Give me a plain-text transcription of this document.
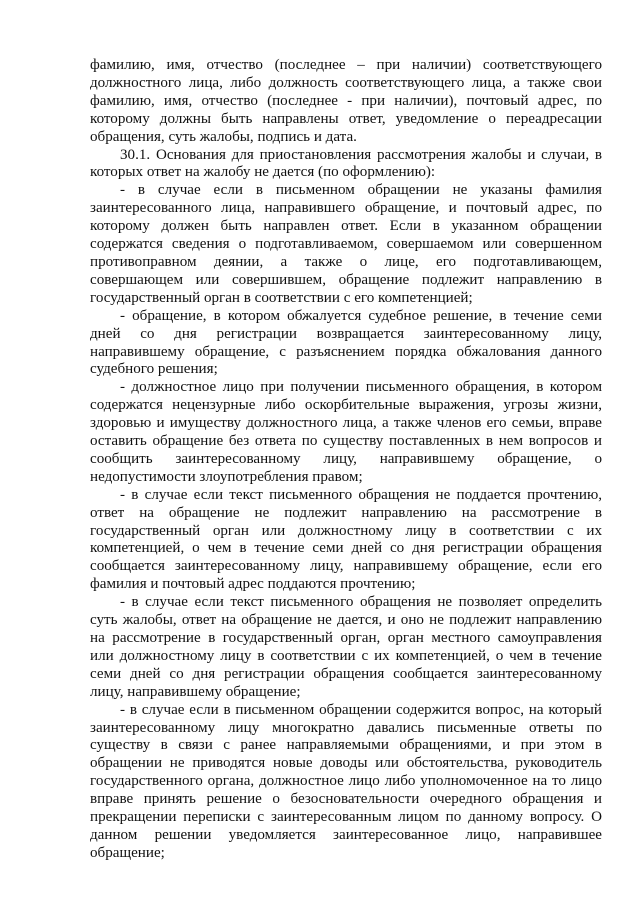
фамилию, имя, отчество (последнее – при наличии) соответствующего должностного лица, либо должность соответствующего лица, а также свои фамилию, имя, отчество (последнее - при наличии), почтовый адрес, по которому должны быть направлены ответ, уведомление о переадресации обращения, суть жалобы, подпись и дата.

30.1. Основания для приостановления рассмотрения жалобы и случаи, в которых ответ на жалобу не дается (по оформлению):

- в случае если в письменном обращении не указаны фамилия заинтересованного лица, направившего обращение, и почтовый адрес, по которому должен быть направлен ответ. Если в указанном обращении содержатся сведения о подготавливаемом, совершаемом или совершенном противоправном деянии, а также о лице, его подготавливающем, совершающем или совершившем, обращение подлежит направлению в государственный орган в соответствии с его компетенцией;

- обращение, в котором обжалуется судебное решение, в течение семи дней со дня регистрации возвращается заинтересованному лицу, направившему обращение, с разъяснением порядка обжалования данного судебного решения;

- должностное лицо при получении письменного обращения, в котором содержатся нецензурные либо оскорбительные выражения, угрозы жизни, здоровью и имуществу должностного лица, а также членов его семьи, вправе оставить обращение без ответа по существу поставленных в нем вопросов и сообщить заинтересованному лицу, направившему обращение, о недопустимости злоупотребления правом;

- в случае если текст письменного обращения не поддается прочтению, ответ на обращение не подлежит направлению на рассмотрение в государственный орган или должностному лицу в соответствии с их компетенцией, о чем в течение семи дней со дня регистрации обращения сообщается заинтересованному лицу, направившему обращение, если его фамилия и почтовый адрес поддаются прочтению;

- в случае если текст письменного обращения не позволяет определить суть жалобы, ответ на обращение не дается, и оно не подлежит направлению на рассмотрение в государственный орган, орган местного самоуправления или должностному лицу в соответствии с их компетенцией, о чем в течение семи дней со дня регистрации обращения сообщается заинтересованному лицу, направившему обращение;

- в случае если в письменном обращении содержится вопрос, на который заинтересованному лицу многократно давались письменные ответы по существу в связи с ранее направляемыми обращениями, и при этом в обращении не приводятся новые доводы или обстоятельства, руководитель государственного органа, должностное лицо либо уполномоченное на то лицо вправе принять решение о безосновательности очередного обращения и прекращении переписки с заинтересованным лицом по данному вопросу. О данном решении уведомляется заинтересованное лицо, направившее обращение;
